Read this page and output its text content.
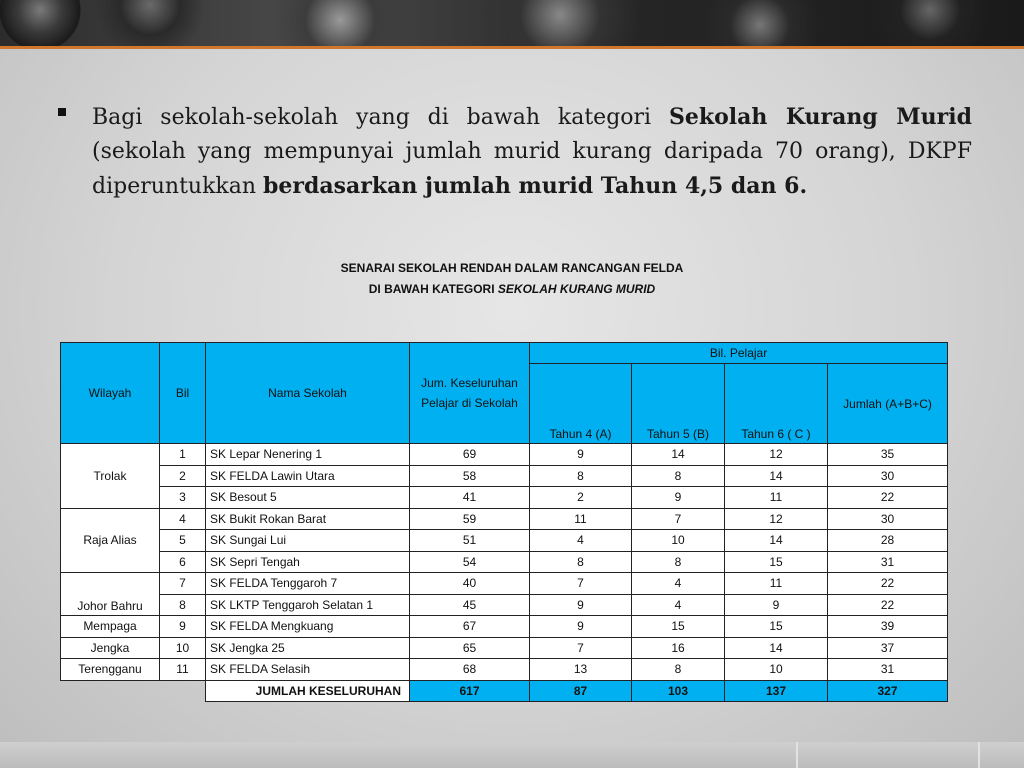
Bagi sekolah-sekolah yang di bawah kategori Sekolah Kurang Murid (sekolah yang mempunyai jumlah murid kurang daripada 70 orang), DKPF diperuntukkan berdasarkan jumlah murid Tahun 4,5 dan 6.
SENARAI SEKOLAH RENDAH DALAM RANCANGAN FELDA
DI BAWAH KATEGORI SEKOLAH KURANG MURID
Wilayah	Bil	Nama Sekolah	Jum. Keseluruhan Pelajar di Sekolah	Bil. Pelajar			
				Tahun 4 (A)	Tahun 5 (B)	Tahun 6 ( C )	Jumlah (A+B+C)
Trolak	1	SK Lepar Nenering 1	69	9	14	12	35
	2	SK FELDA Lawin Utara	58	8	8	14	30
	3	SK Besout 5	41	2	9	11	22
Raja Alias	4	SK Bukit Rokan Barat	59	11	7	12	30
	5	SK Sungai Lui	51	4	10	14	28
	6	SK Sepri Tengah	54	8	8	15	31
Johor Bahru	7	SK FELDA Tenggaroh 7	40	7	4	11	22
	8	SK LKTP Tenggaroh Selatan 1	45	9	4	9	22
Mempaga	9	SK FELDA Mengkuang	67	9	15	15	39
Jengka	10	SK Jengka 25	65	7	16	14	37
Terengganu	11	SK FELDA Selasih	68	13	8	10	31
		JUMLAH KESELURUHAN	617	87	103	137	327
